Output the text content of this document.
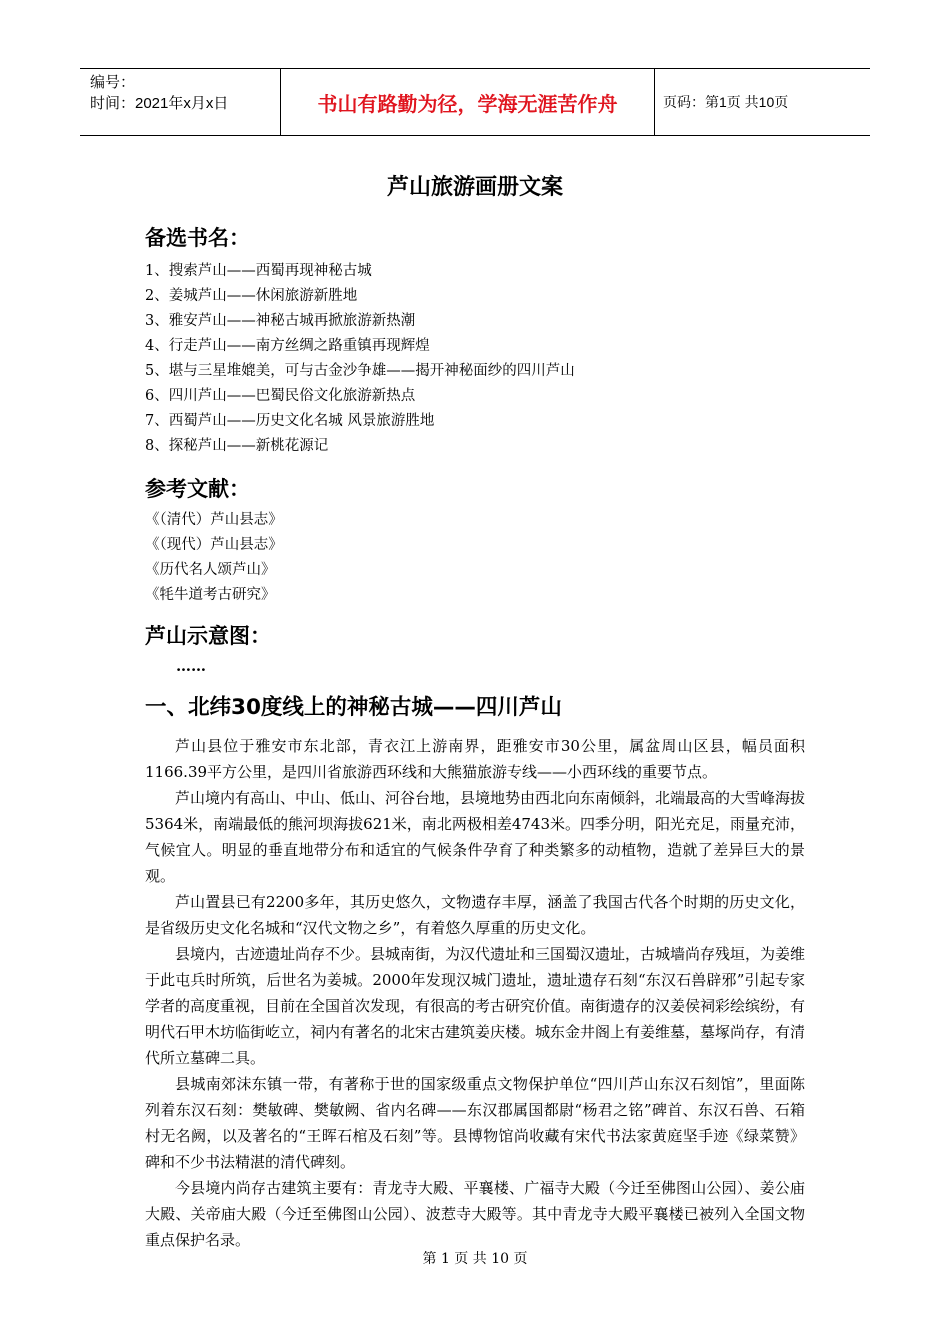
编号：
时间：2021年x月x日	书山有路勤为径，学海无涯苦作舟	页码：第1页 共10页
芦山旅游画册文案
备选书名：
1、搜索芦山——西蜀再现神秘古城
2、姜城芦山——休闲旅游新胜地
3、雅安芦山——神秘古城再掀旅游新热潮
4、行走芦山——南方丝绸之路重镇再现辉煌
5、堪与三星堆媲美，可与古金沙争雄——揭开神秘面纱的四川芦山
6、四川芦山——巴蜀民俗文化旅游新热点
7、西蜀芦山——历史文化名城 风景旅游胜地
8、探秘芦山——新桃花源记
参考文献：
《（清代）芦山县志》
《（现代）芦山县志》
《历代名人颂芦山》
《牦牛道考古研究》
芦山示意图：
……
一、北纬30度线上的神秘古城——四川芦山

芦山县位于雅安市东北部，青衣江上游南界，距雅安市30公里，属盆周山区县，幅员面积1166.39平方公里，是四川省旅游西环线和大熊猫旅游专线——小西环线的重要节点。

芦山境内有高山、中山、低山、河谷台地，县境地势由西北向东南倾斜，北端最高的大雪峰海拔5364米，南端最低的熊河坝海拔621米，南北两极相差4743米。四季分明，阳光充足，雨量充沛，气候宜人。明显的垂直地带分布和适宜的气候条件孕育了种类繁多的动植物，造就了差异巨大的景观。

芦山置县已有2200多年，其历史悠久，文物遗存丰厚，涵盖了我国古代各个时期的历史文化，是省级历史文化名城和“汉代文物之乡”，有着悠久厚重的历史文化。

县境内，古迹遗址尚存不少。县城南街，为汉代遗址和三国蜀汉遗址，古城墙尚存残垣，为姜维于此屯兵时所筑，后世名为姜城。2000年发现汉城门遗址，遗址遗存石刻“东汉石兽辟邪”引起专家学者的高度重视，目前在全国首次发现，有很高的考古研究价值。南街遗存的汉姜侯祠彩绘缤纷，有明代石甲木坊临街屹立，祠内有著名的北宋古建筑姜庆楼。城东金井阁上有姜维墓，墓塚尚存，有清代所立墓碑二具。

县城南郊沫东镇一带，有著称于世的国家级重点文物保护单位“四川芦山东汉石刻馆”，里面陈列着东汉石刻：樊敏碑、樊敏阙、省内名碑——东汉郡属国都尉“杨君之铭”碑首、东汉石兽、石箱村无名阙，以及著名的“王晖石棺及石刻”等。县博物馆尚收藏有宋代书法家黄庭坚手迹《绿菜赞》碑和不少书法精湛的清代碑刻。

今县境内尚存古建筑主要有：青龙寺大殿、平襄楼、广福寺大殿（今迁至佛图山公园）、姜公庙大殿、关帝庙大殿（今迁至佛图山公园）、波惹寺大殿等。其中青龙寺大殿平襄楼已被列入全国文物重点保护名录。

第 1 页 共 10 页
